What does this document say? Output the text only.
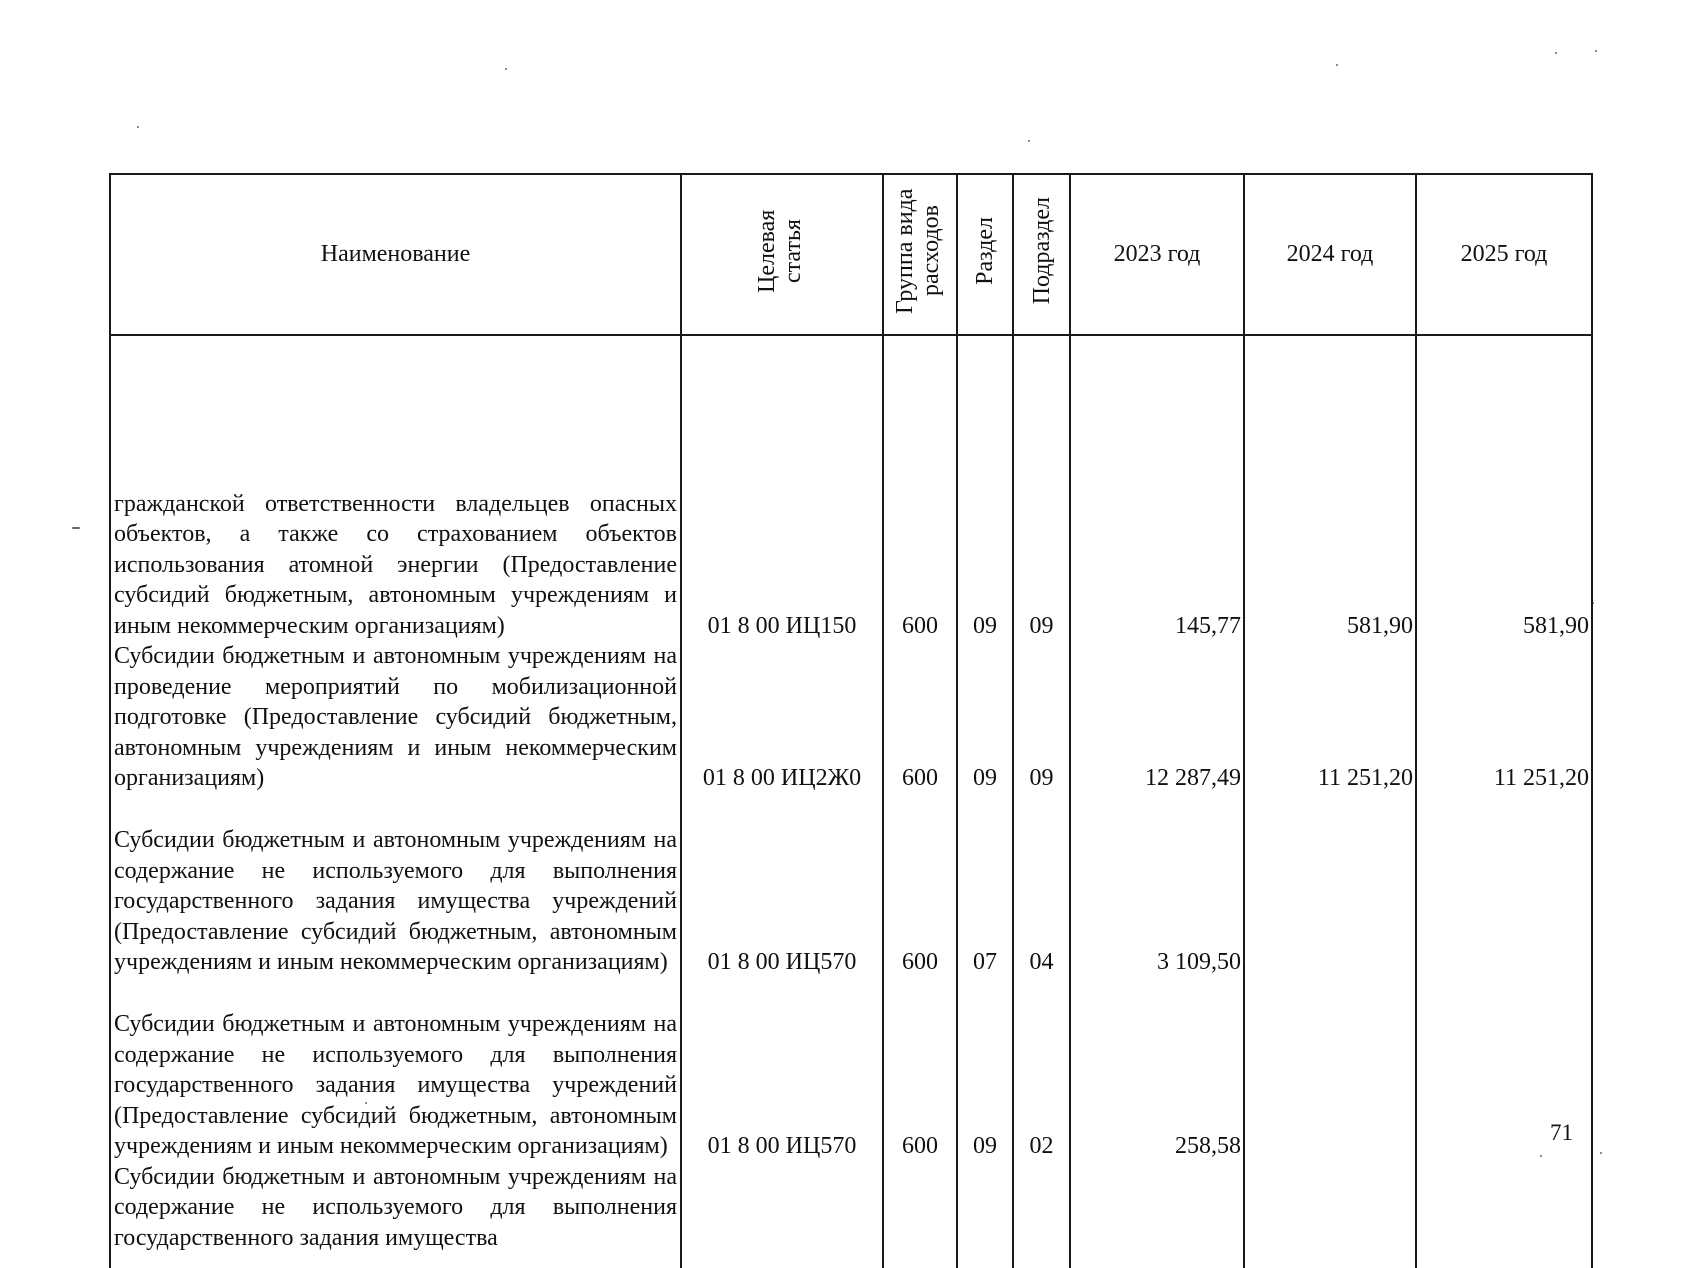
Наименование	Целевая статья	Группа вида расходов	Раздел	Подраздел	2023 год	2024 год	2025 год
гражданской ответственности владельцев опасных объектов, а также со страхованием объектов использования атомной энергии (Предоставление субсидий бюджетным, автономным учреждениям и иным некоммерческим организациям)	01 8 00 ИЦ150	600	09	09	145,77	581,90	581,90
Субсидии бюджетным и автономным учреждениям на проведение мероприятий по мобилизационной подготовке (Предоставление субсидий бюджетным, автономным учреждениям и иным некоммерческим организациям)	01 8 00 ИЦ2Ж0	600	09	09	12 287,49	11 251,20	11 251,20
Субсидии бюджетным и автономным учреждениям на содержание не используемого для выполнения государственного задания имущества учреждений (Предоставление субсидий бюджетным, автономным учреждениям и иным некоммерческим организациям)	01 8 00 ИЦ570	600	07	04	3 109,50		
Субсидии бюджетным и автономным учреждениям на содержание не используемого для выполнения государственного задания имущества учреждений (Предоставление субсидий бюджетным, автономным учреждениям и иным некоммерческим организациям)	01 8 00 ИЦ570	600	09	02	258,58		
Субсидии бюджетным и автономным учреждениям на содержание не используемого для выполнения государственного задания имущества							
71
